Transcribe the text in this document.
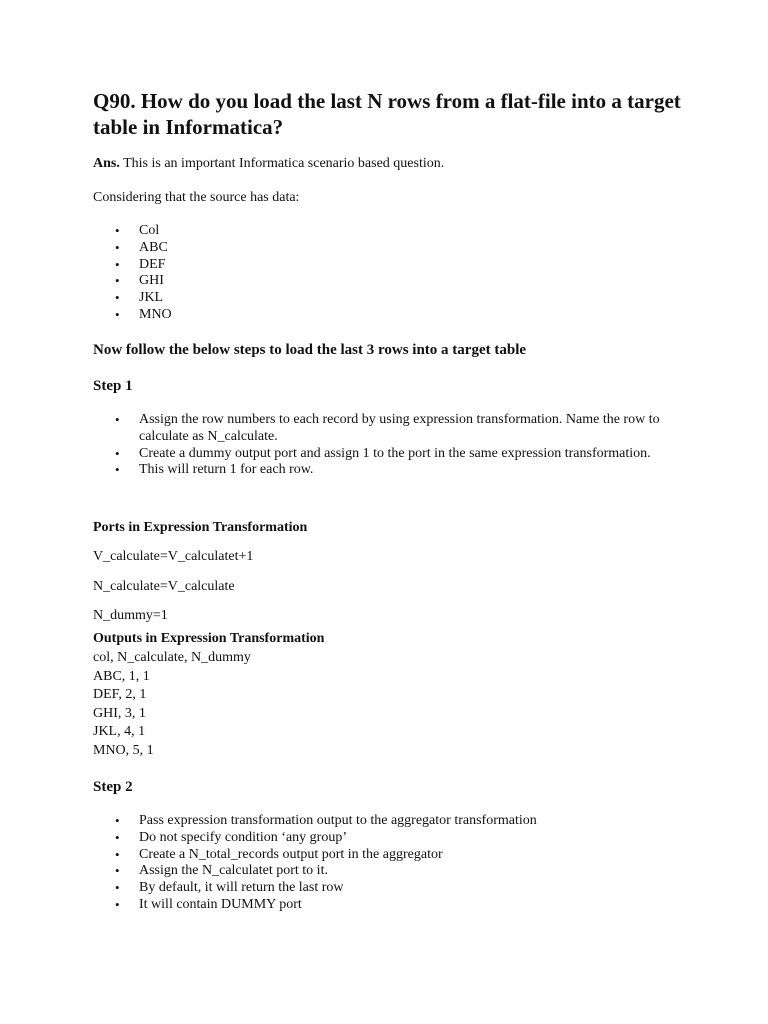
Q90. How do you load the last N rows from a flat-file into a target table in Informatica?
Ans. This is an important Informatica scenario based question.
Considering that the source has data:
• Col
• ABC
• DEF
• GHI
• JKL
• MNO
Now follow the below steps to load the last 3 rows into a target table
Step 1
• Assign the row numbers to each record by using expression transformation. Name the row to calculate as N_calculate.
• Create a dummy output port and assign 1 to the port in the same expression transformation.
• This will return 1 for each row.
Ports in Expression Transformation
V_calculate=V_calculatet+1
N_calculate=V_calculate
N_dummy=1
Outputs in Expression Transformation
col, N_calculate, N_dummy
ABC, 1, 1
DEF, 2, 1
GHI, 3, 1
JKL, 4, 1
MNO, 5, 1
Step 2
• Pass expression transformation output to the aggregator transformation
• Do not specify condition ‘any group’
• Create a N_total_records output port in the aggregator
• Assign the N_calculatet port to it.
• By default, it will return the last row
• It will contain DUMMY port
